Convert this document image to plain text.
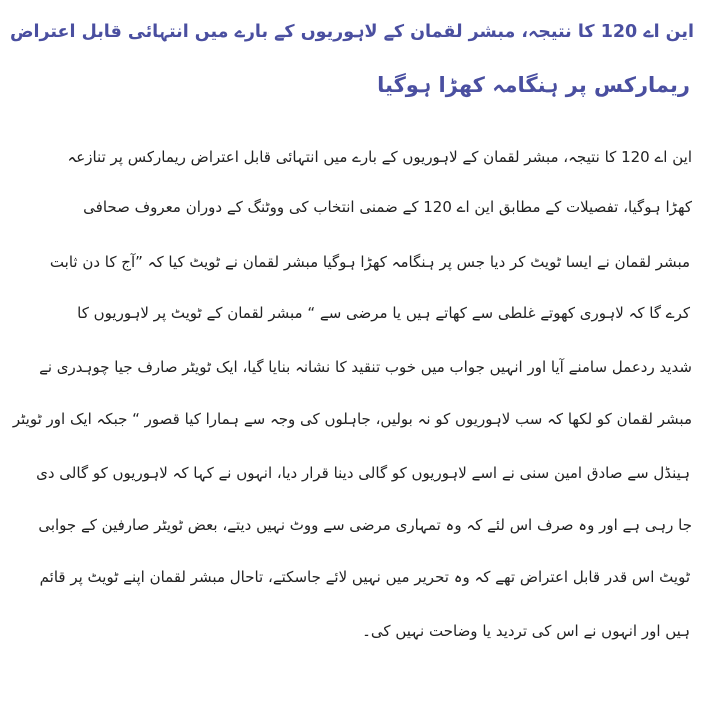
این اے 120 کا نتیجہ، مبشر لقمان کے لاہوریوں کے بارے میں انتہائی قابل اعتراض
ریمارکس پر ہنگامہ کھڑا ہوگیا
این اے 120 کا نتیجہ، مبشر لقمان کے لاہوریوں کے بارے میں انتہائی قابل اعتراض ریمارکس پر تنازعہ
کھڑا ہوگیا، تفصیلات کے مطابق این اے 120 کے ضمنی انتخاب کی ووٹنگ کے دوران معروف صحافی
مبشر لقمان نے ایسا ٹویٹ کر دیا جس پر ہنگامہ کھڑا ہوگیا مبشر لقمان نے ٹویٹ کیا کہ ”آج کا دن ثابت
کرے گا کہ لاہوری کھوتے غلطی سے کھاتے ہیں یا مرضی سے “ مبشر لقمان کے ٹویٹ پر لاہوریوں کا
شدید ردعمل سامنے آیا اور انہیں جواب میں خوب تنقید کا نشانہ بنایا گیا، ایک ٹویٹر صارف جیا چوہدری نے
مبشر لقمان کو لکھا کہ سب لاہوریوں کو نہ بولیں، جاہلوں کی وجہ سے ہمارا کیا قصور “ جبکہ ایک اور ٹویٹر
ہینڈل سے صادق امین سنی نے اسے لاہوریوں کو گالی دینا قرار دیا، انہوں نے کہا کہ لاہوریوں کو گالی دی
جا رہی ہے اور وہ صرف اس لئے کہ وہ تمہاری مرضی سے ووٹ نہیں دیتے، بعض ٹویٹر صارفین کے جوابی
ٹویٹ اس قدر قابل اعتراض تھے کہ وہ تحریر میں نہیں لائے جاسکتے، تاحال مبشر لقمان اپنے ٹویٹ پر قائم
ہیں اور انہوں نے اس کی تردید یا وضاحت نہیں کی۔
